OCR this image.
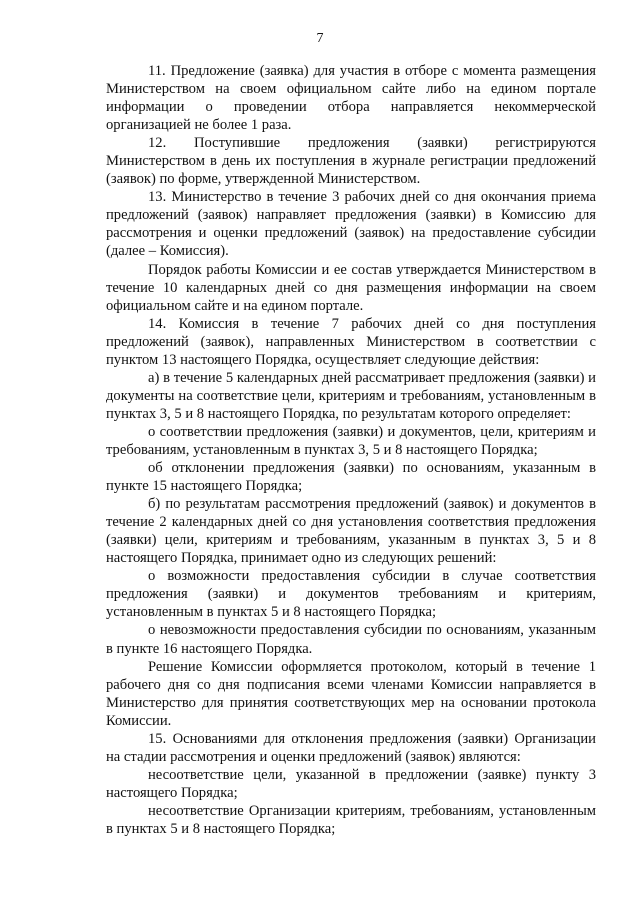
7

11. Предложение (заявка) для участия в отборе с момента размещения Министерством на своем официальном сайте либо на едином портале информации о проведении отбора направляется некоммерческой организацией не более 1 раза.

12. Поступившие предложения (заявки) регистрируются Министерством в день их поступления в журнале регистрации предложений (заявок) по форме, утвержденной Министерством.

13. Министерство в течение 3 рабочих дней со дня окончания приема предложений (заявок) направляет предложения (заявки) в Комиссию для рассмотрения и оценки предложений (заявок) на предоставление субсидии (далее – Комиссия).

Порядок работы Комиссии и ее состав утверждается Министерством в течение 10 календарных дней со дня размещения информации на своем официальном сайте и на едином портале.

14. Комиссия в течение 7 рабочих дней со дня поступления предложений (заявок), направленных Министерством в соответствии с пунктом 13 настоящего Порядка, осуществляет следующие действия:

а) в течение 5 календарных дней рассматривает предложения (заявки) и документы на соответствие цели, критериям и требованиям, установленным в пунктах 3, 5 и 8 настоящего Порядка, по результатам которого определяет:

о соответствии предложения (заявки) и документов, цели, критериям и требованиям, установленным в пунктах 3, 5 и 8 настоящего Порядка;

об отклонении предложения (заявки) по основаниям, указанным в пункте 15 настоящего Порядка;

б) по результатам рассмотрения предложений (заявок) и документов в течение 2 календарных дней со дня установления соответствия предложения (заявки) цели, критериям и требованиям, указанным в пунктах 3, 5 и 8 настоящего Порядка, принимает одно из следующих решений:

о возможности предоставления субсидии в случае соответствия предложения (заявки) и документов требованиям и критериям, установленным в пунктах 5 и 8 настоящего Порядка;

о невозможности предоставления субсидии по основаниям, указанным в пункте 16 настоящего Порядка.

Решение Комиссии оформляется протоколом, который в течение 1 рабочего дня со дня подписания всеми членами Комиссии направляется в Министерство для принятия соответствующих мер на основании протокола Комиссии.

15. Основаниями для отклонения предложения (заявки) Организации на стадии рассмотрения и оценки предложений (заявок) являются:

несоответствие цели, указанной в предложении (заявке) пункту 3 настоящего Порядка;

несоответствие Организации критериям, требованиям, установленным в пунктах 5 и 8 настоящего Порядка;
